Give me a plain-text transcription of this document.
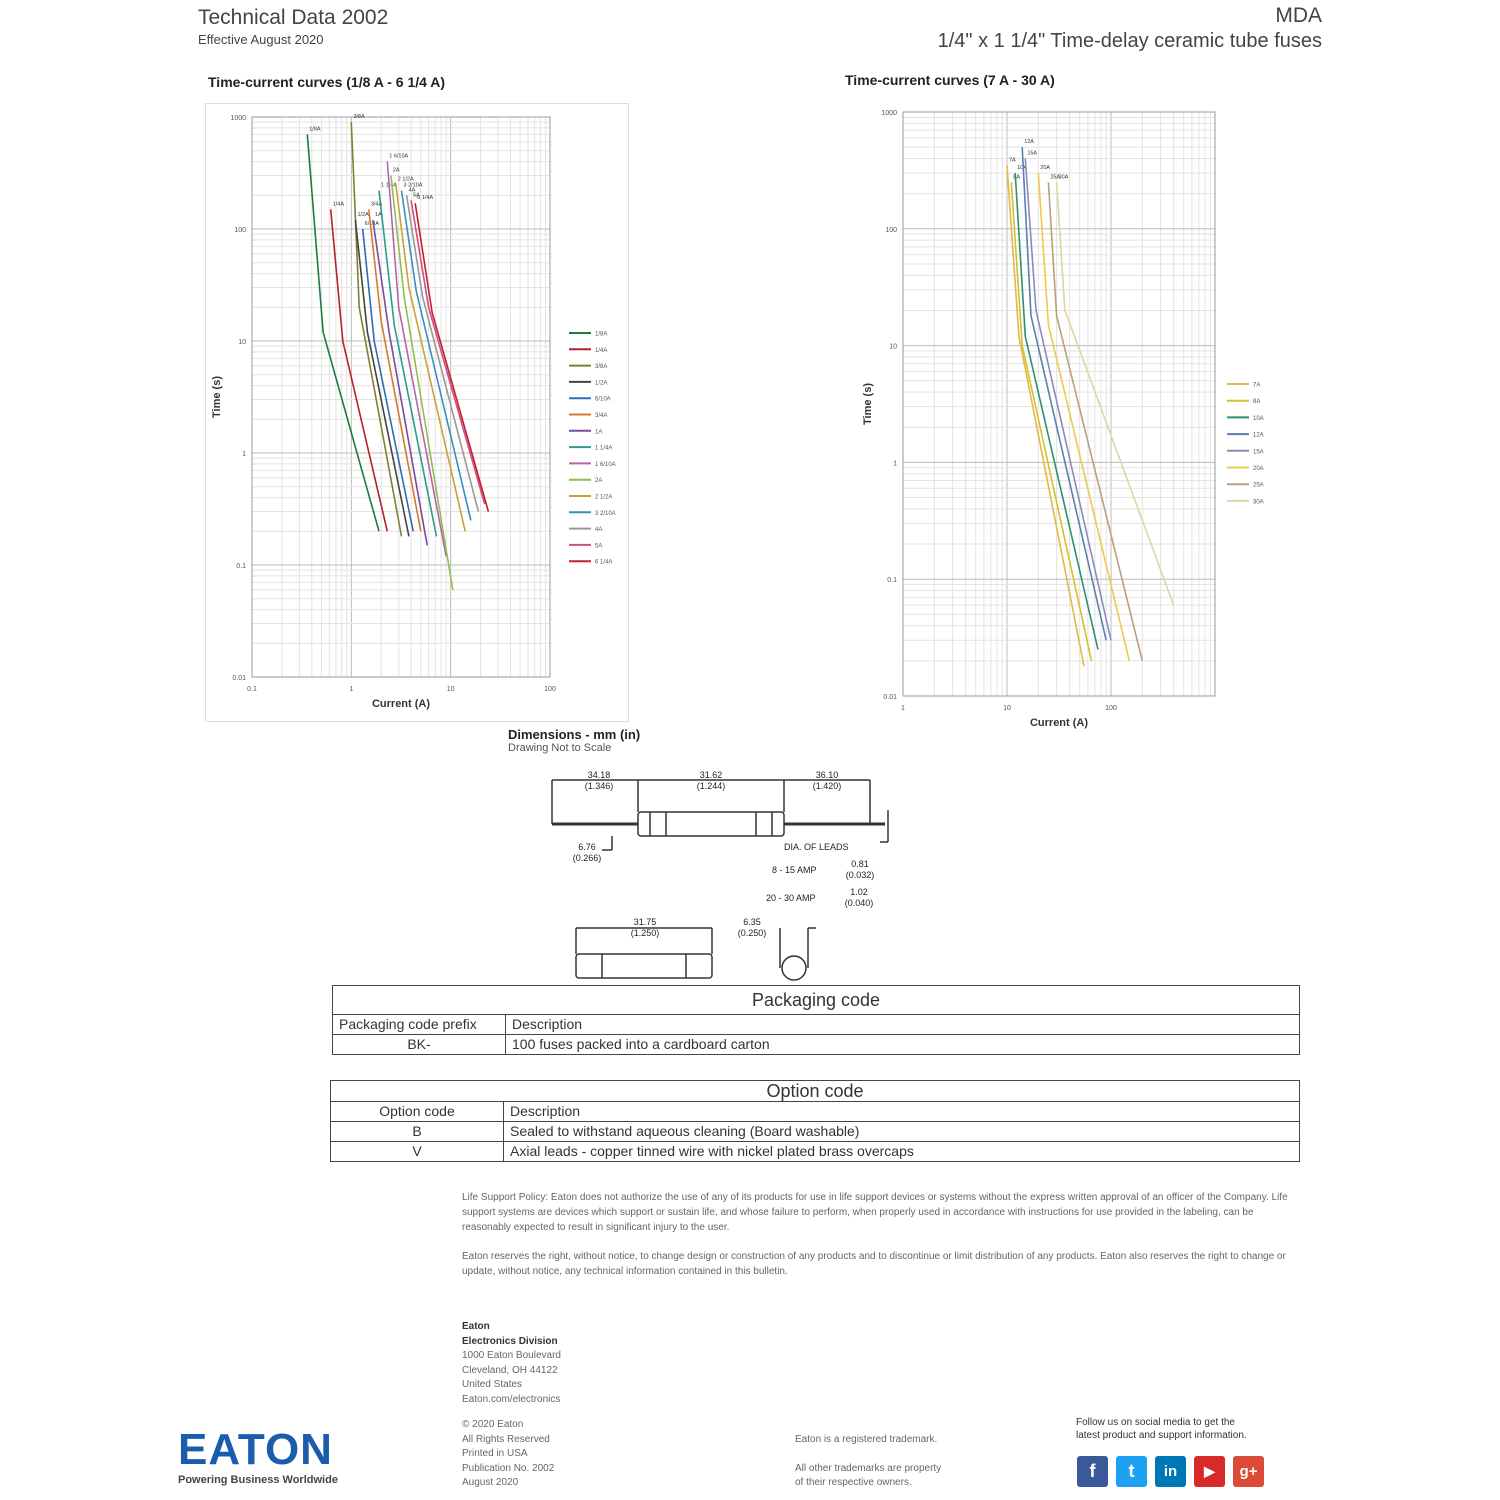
Technical Data 2002
Effective August 2020
MDA
1/4" x 1 1/4" Time-delay ceramic tube fuses
Time-current curves (1/8 A - 6 1/4 A)
1000
100
10
1
0.1
0.01
0.1	1	10	100
Current (A)
Time (s)
1/8A
1/8A
1/4A
1/4A
3/8A
3/8A
1/2A
1/2A
6/10A
6/10A
3/4A
3/4A
1A
1A
1 1/4A
1 1/4A
1 6/10A
1 6/10A
2A
2A
2 1/2A
2 1/2A
3 2/10A
3 2/10A
4A
4A
5A
5A
6 1/4A
6 1/4A
Time-current curves (7 A - 30 A)
1000
100
10
1
0.1
0.01
1	10	100
Current (A)
Time (s)
7A
7A
8A
8A
10A
10A
12A
12A
15A
15A
20A
20A
25A
25A
30A
30A
Dimensions - mm (in)
Drawing Not to Scale
34.18
(1.346)
31.62
(1.244)
36.10
(1.420)
6.76
(0.266)
DIA. OF LEADS
8 - 15 AMP
0.81
(0.032)
20 - 30 AMP
1.02
(0.040)
31.75
(1.250)
6.35
(0.250)
Packaging code	
Packaging code prefix	Description
BK-	100 fuses packed into a cardboard carton
Option code	
Option code	Description
B	Sealed to withstand aqueous cleaning (Board washable)
V	Axial leads - copper tinned wire with nickel plated brass overcaps
Life Support Policy: Eaton does not authorize the use of any of its products for use in life support devices or systems without the express written approval of an officer of the Company. Life support systems are devices which support or sustain life, and whose failure to perform, when properly used in accordance with instructions for use provided in the labeling, can be reasonably expected to result in significant injury to the user.
Eaton reserves the right, without notice, to change design or construction of any products and to discontinue or limit distribution of any products. Eaton also reserves the right to change or update, without notice, any technical information contained in this bulletin.
Eaton
Electronics Division
1000 Eaton Boulevard
Cleveland, OH 44122
United States
Eaton.com/electronics
© 2020 Eaton
All Rights Reserved
Printed in USA
Publication No. 2002
August 2020
Eaton is a registered trademark.
All other trademarks are property
of their respective owners.
Follow us on social media to get the
latest product and support information.
EATON
Powering Business Worldwide	f	t	in	▶	g+
